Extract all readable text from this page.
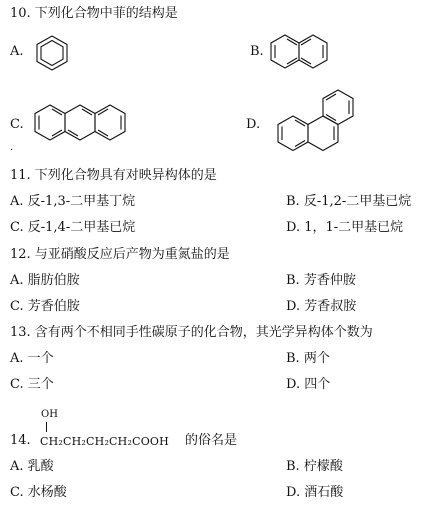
10. 下列化合物中菲的结构是
A.	B.
C.	D.
.
11. 下列化合物具有对映异构体的是
A. 反-1,3-二甲基丁烷	B. 反-1,2-二甲基已烷
C. 反-1,4-二甲基已烷	D. 1，1-二甲基已烷
12. 与亚硝酸反应后产物为重氮盐的是
A. 脂肪伯胺	B. 芳香仲胺
C. 芳香伯胺	D. 芳香叔胺
13. 含有两个不相同手性碳原子的化合物，其光学异构体个数为
A. 一个	B. 两个
C. 三个	D. 四个
OH
14. CH₂CH₂CH₂CH₂COOH 的俗名是
A. 乳酸	B. 柠檬酸
C. 水杨酸	D. 酒石酸
